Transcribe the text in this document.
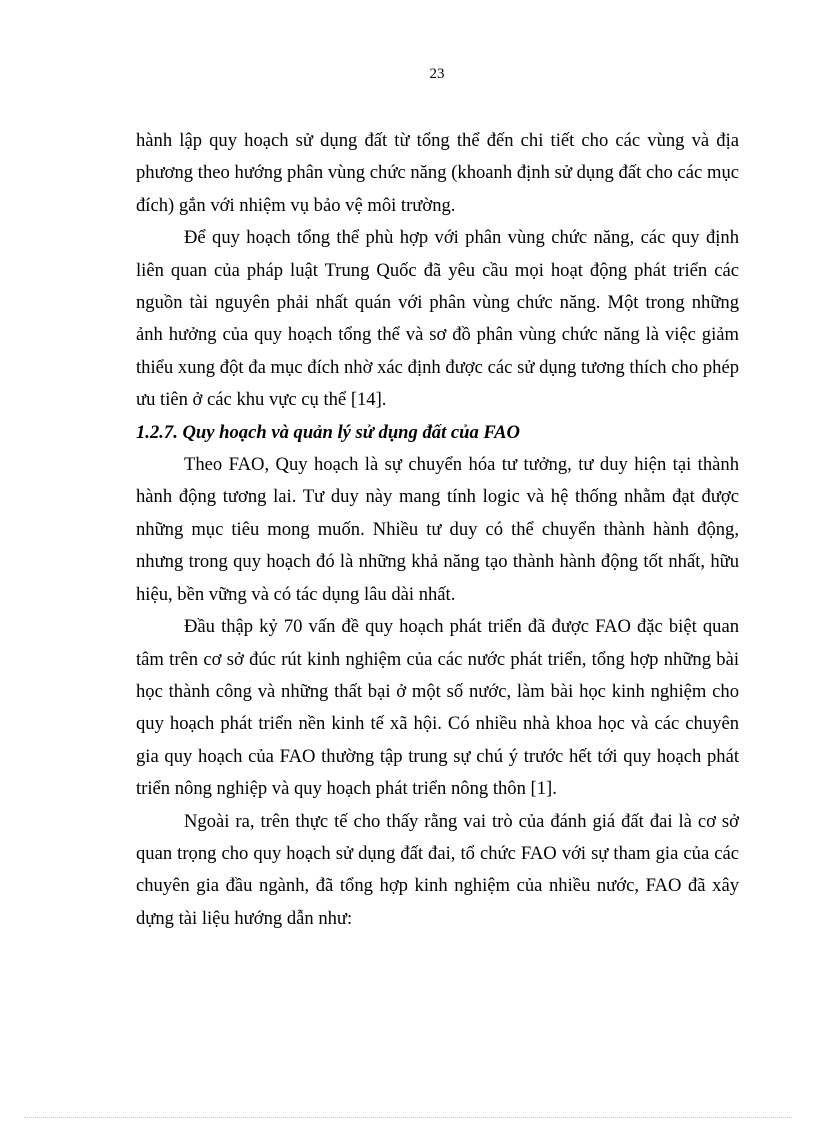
23

hành lập quy hoạch sử dụng đất từ tổng thể đến chi tiết cho các vùng và địa phương theo hướng phân vùng chức năng (khoanh định sử dụng đất cho các mục đích) gắn với nhiệm vụ bảo vệ môi trường.

Để quy hoạch tổng thể phù hợp với phân vùng chức năng, các quy định liên quan của pháp luật Trung Quốc đã yêu cầu mọi hoạt động phát triển các nguồn tài nguyên phải nhất quán với phân vùng chức năng. Một trong những ảnh hưởng của quy hoạch tổng thể và sơ đồ phân vùng chức năng là việc giảm thiểu xung đột đa mục đích nhờ xác định được các sử dụng tương thích cho phép ưu tiên ở các khu vực cụ thể [14].

1.2.7. Quy hoạch và quản lý sử dụng đất của FAO

Theo FAO, Quy hoạch là sự chuyển hóa tư tưởng, tư duy hiện tại thành hành động tương lai. Tư duy này mang tính logic và hệ thống nhằm đạt được những mục tiêu mong muốn. Nhiều tư duy có thể chuyển thành hành động, nhưng trong quy hoạch đó là những khả năng tạo thành hành động tốt nhất, hữu hiệu, bền vững và có tác dụng lâu dài nhất.

Đầu thập kỷ 70 vấn đề quy hoạch phát triển đã được FAO đặc biệt quan tâm trên cơ sở đúc rút kinh nghiệm của các nước phát triển, tổng hợp những bài học thành công và những thất bại ở một số nước, làm bài học kinh nghiệm cho quy hoạch phát triển nền kinh tế xã hội. Có nhiều nhà khoa học và các chuyên gia quy hoạch của FAO thường tập trung sự chú ý trước hết tới quy hoạch phát triển nông nghiệp và quy hoạch phát triển nông thôn [1].

Ngoài ra, trên thực tế cho thấy rằng vai trò của đánh giá đất đai là cơ sở quan trọng cho quy hoạch sử dụng đất đai, tổ chức FAO với sự tham gia của các chuyên gia đầu ngành, đã tổng hợp kinh nghiệm của nhiều nước, FAO đã xây dựng tài liệu hướng dẫn như:
